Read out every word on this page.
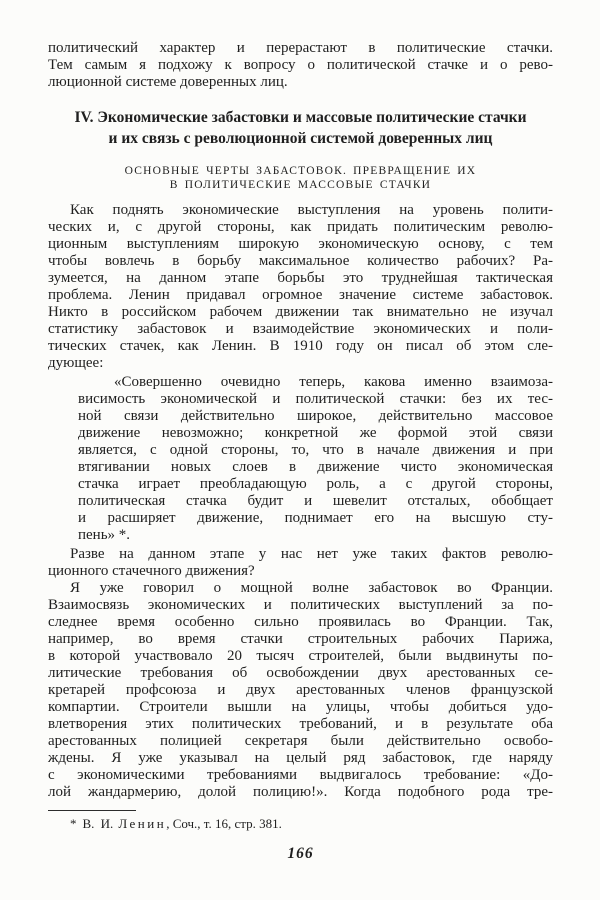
политический характер и перерастают в политические стачки.
Тем самым я подхожу к вопросу о политической стачке и о рево-
люционной системе доверенных лиц.
IV. Экономические забастовки и массовые политические стачки
и их связь с революционной системой доверенных лиц
ОСНОВНЫЕ ЧЕРТЫ ЗАБАСТОВОК. ПРЕВРАЩЕНИЕ ИХ
В ПОЛИТИЧЕСКИЕ МАССОВЫЕ СТАЧКИ
Как поднять экономические выступления на уровень полити-
ческих и, с другой стороны, как придать политическим револю-
ционным выступлениям широкую экономическую основу, с тем
чтобы вовлечь в борьбу максимальное количество рабочих? Ра-
зумеется, на данном этапе борьбы это труднейшая тактическая
проблема. Ленин придавал огромное значение системе забастовок.
Никто в российском рабочем движении так внимательно не изучал
статистику забастовок и взаимодействие экономических и поли-
тических стачек, как Ленин. В 1910 году он писал об этом сле-
дующее:
«Совершенно очевидно теперь, какова именно взаимоза-
висимость экономической и политической стачки: без их тес-
ной связи действительно широкое, действительно массовое
движение невозможно; конкретной же формой этой связи
является, с одной стороны, то, что в начале движения и при
втягивании новых слоев в движение чисто экономическая
стачка играет преобладающую роль, а с другой стороны,
политическая стачка будит и шевелит отсталых, обобщает
и расширяет движение, поднимает его на высшую сту-
пень» *.
Разве на данном этапе у нас нет уже таких фактов револю-
ционного стачечного движения?
Я уже говорил о мощной волне забастовок во Франции.
Взаимосвязь экономических и политических выступлений за по-
следнее время особенно сильно проявилась во Франции. Так,
например, во время стачки строительных рабочих Парижа,
в которой участвовало 20 тысяч строителей, были выдвинуты по-
литические требования об освобождении двух арестованных се-
кретарей профсоюза и двух арестованных членов французской
компартии. Строители вышли на улицы, чтобы добиться удо-
влетворения этих политических требований, и в результате оба
арестованных полицией секретаря были действительно освобо-
ждены. Я уже указывал на целый ряд забастовок, где наряду
с экономическими требованиями выдвигалось требование: «До-
лой жандармерию, долой полицию!». Когда подобного рода тре-
* В. И. Ленин, Соч., т. 16, стр. 381.
166
